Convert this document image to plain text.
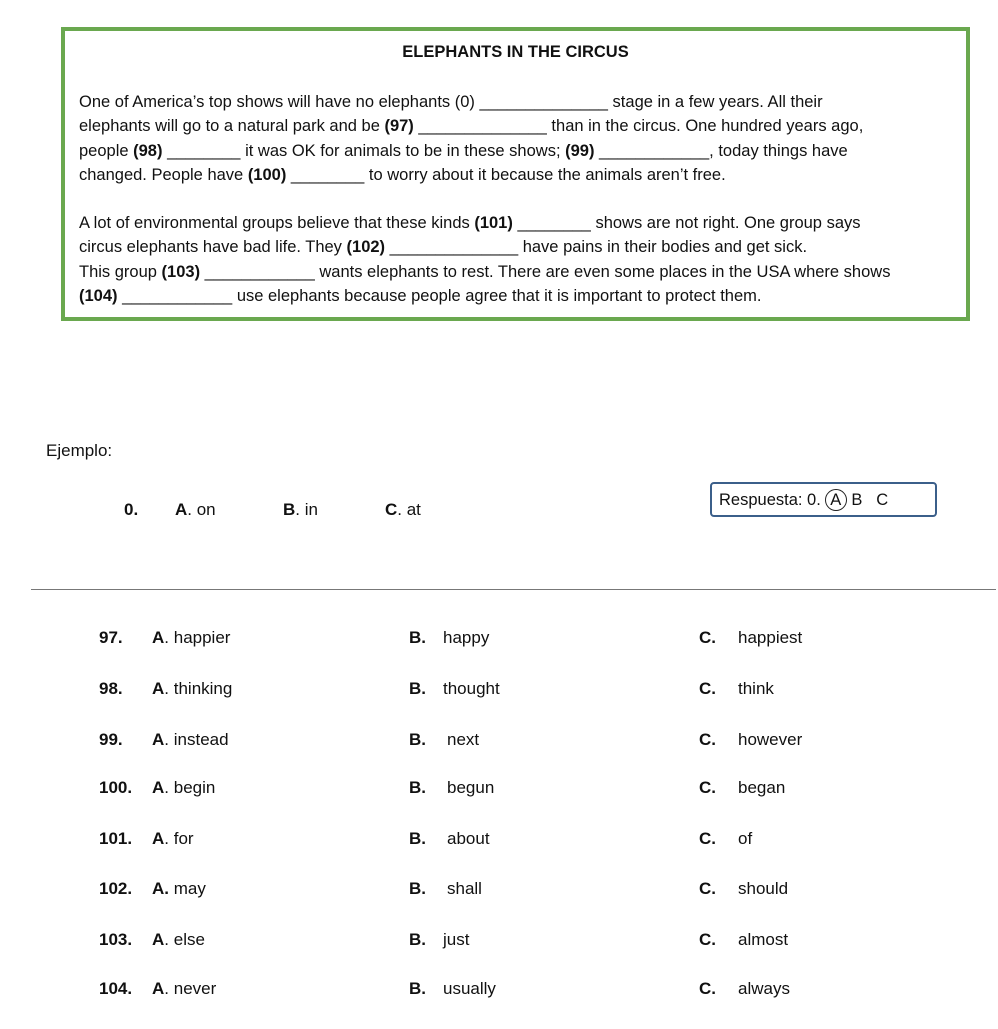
ELEPHANTS IN THE CIRCUS

One of America’s top shows will have no elephants (0) ______________ stage in a few years. All their
elephants will go to a natural park and be (97) ______________ than in the circus. One hundred years ago,
people (98) ________ it was OK for animals to be in these shows; (99) ____________, today things have
changed. People have (100) ________ to worry about it because the animals aren’t free.

A lot of environmental groups believe that these kinds (101) ________ shows are not right. One group says
circus elephants have bad life. They (102) ______________ have pains in their bodies and get sick.
This group (103) ____________ wants elephants to rest. There are even some places in the USA where shows
(104) ____________ use elephants because people agree that it is important to protect them.

Ejemplo:
0. A. on	B. in	C. at	Respuesta: 0. A B C
97. A. happier	B. happy	C. happiest
98. A. thinking	B. thought	C. think
99. A. instead	B. next	C. however
100. A. begin	B. begun	C. began
101. A. for	B. about	C. of
102. A. may	B. shall	C. should
103. A. else	B. just	C. almost
104. A. never	B. usually	C. always
